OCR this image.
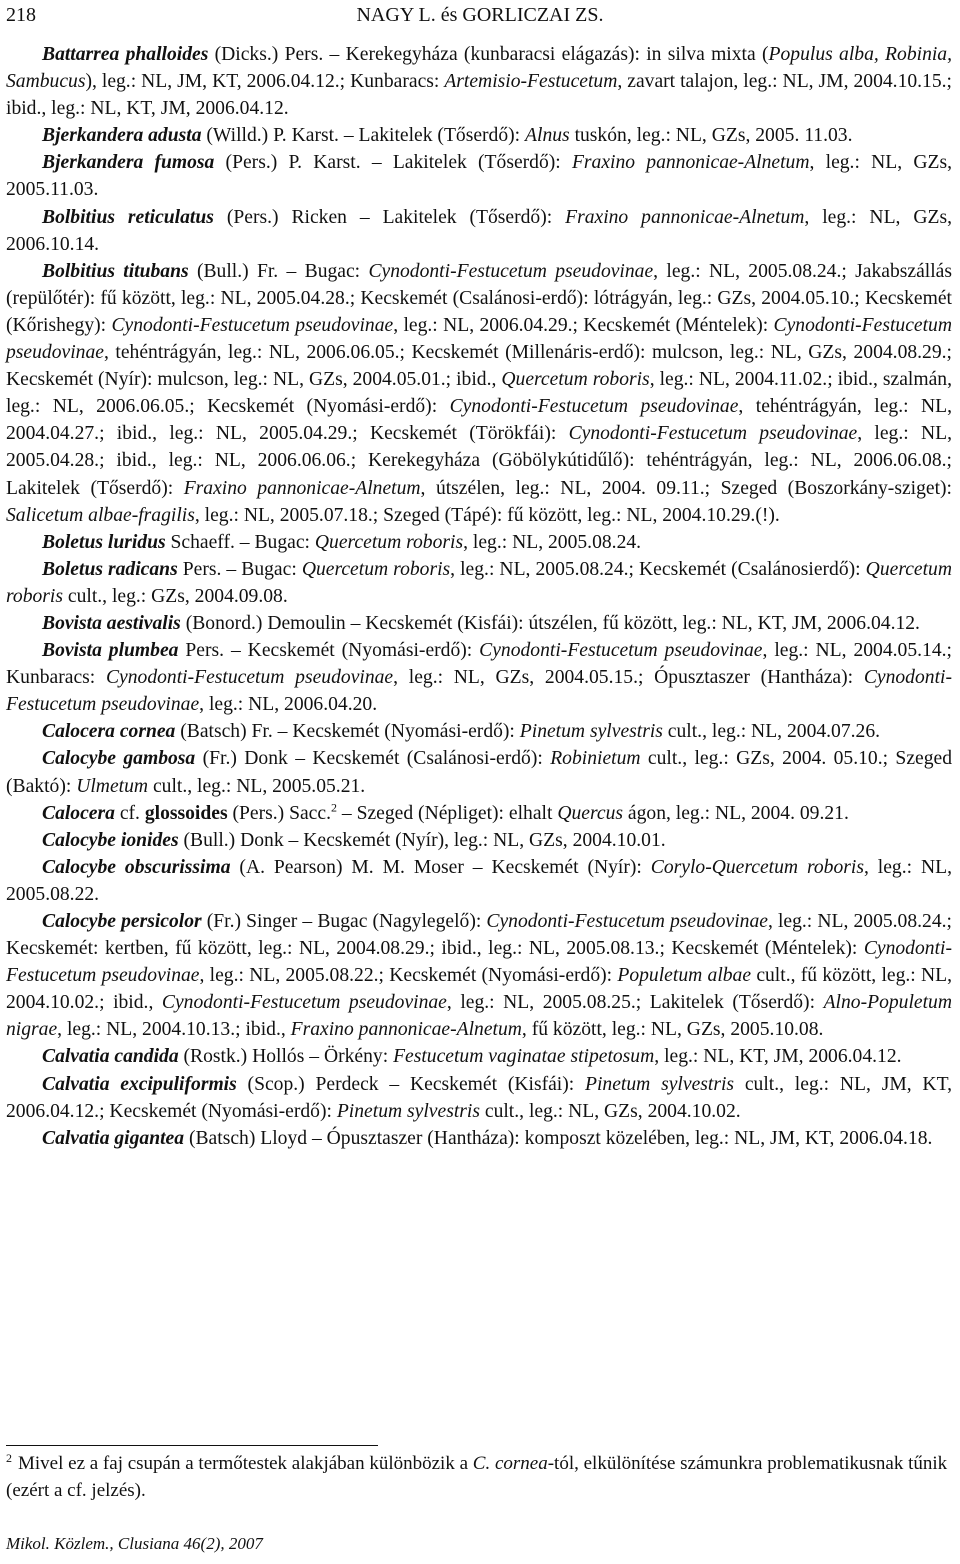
218	NAGY L. és GORLICZAI ZS.

Battarrea phalloides (Dicks.) Pers. – Kerekegyháza (kunbaracsi elágazás): in silva mixta (Populus alba, Robinia, Sambucus), leg.: NL, JM, KT, 2006.04.12.; Kunbaracs: Artemisio-Festucetum, zavart talajon, leg.: NL, JM, 2004.10.15.; ibid., leg.: NL, KT, JM, 2006.04.12.

Bjerkandera adusta (Willd.) P. Karst. – Lakitelek (Tőserdő): Alnus tuskón, leg.: NL, GZs, 2005. 11.03.

Bjerkandera fumosa (Pers.) P. Karst. – Lakitelek (Tőserdő): Fraxino pannonicae-Alnetum, leg.: NL, GZs, 2005.11.03.

Bolbitius reticulatus (Pers.) Ricken – Lakitelek (Tőserdő): Fraxino pannonicae-Alnetum, leg.: NL, GZs, 2006.10.14.

Bolbitius titubans (Bull.) Fr. – Bugac: Cynodonti-Festucetum pseudovinae, leg.: NL, 2005.08.24.; Jakabszállás (repülőtér): fű között, leg.: NL, 2005.04.28.; Kecskemét (Csalánosi-erdő): lótrágyán, leg.: GZs, 2004.05.10.; Kecskemét (Kőrishegy): Cynodonti-Festucetum pseudovinae, leg.: NL, 2006.04.29.; Kecskemét (Méntelek): Cynodonti-Festucetum pseudovinae, tehéntrágyán, leg.: NL, 2006.06.05.; Kecskemét (Millenáris-erdő): mulcson, leg.: NL, GZs, 2004.08.29.; Kecskemét (Nyír): mulcson, leg.: NL, GZs, 2004.05.01.; ibid., Quercetum roboris, leg.: NL, 2004.11.02.; ibid., szalmán, leg.: NL, 2006.06.05.; Kecskemét (Nyomási-erdő): Cynodonti-Festucetum pseudovinae, tehéntrágyán, leg.: NL, 2004.04.27.; ibid., leg.: NL, 2005.04.29.; Kecskemét (Törökfái): Cynodonti-Festucetum pseudovinae, leg.: NL, 2005.04.28.; ibid., leg.: NL, 2006.06.06.; Kerekegyháza (Göbölykútidűlő): tehéntrágyán, leg.: NL, 2006.06.08.; Lakitelek (Tőserdő): Fraxino pannonicae-Alnetum, útszélen, leg.: NL, 2004. 09.11.; Szeged (Boszorkány-sziget): Salicetum albae-fragilis, leg.: NL, 2005.07.18.; Szeged (Tápé): fű között, leg.: NL, 2004.10.29.(!).

Boletus luridus Schaeff. – Bugac: Quercetum roboris, leg.: NL, 2005.08.24.

Boletus radicans Pers. – Bugac: Quercetum roboris, leg.: NL, 2005.08.24.; Kecskemét (Csalánosierdő): Quercetum roboris cult., leg.: GZs, 2004.09.08.

Bovista aestivalis (Bonord.) Demoulin – Kecskemét (Kisfái): útszélen, fű között, leg.: NL, KT, JM, 2006.04.12.

Bovista plumbea Pers. – Kecskemét (Nyomási-erdő): Cynodonti-Festucetum pseudovinae, leg.: NL, 2004.05.14.; Kunbaracs: Cynodonti-Festucetum pseudovinae, leg.: NL, GZs, 2004.05.15.; Ópusztaszer (Hantháza): Cynodonti-Festucetum pseudovinae, leg.: NL, 2006.04.20.

Calocera cornea (Batsch) Fr. – Kecskemét (Nyomási-erdő): Pinetum sylvestris cult., leg.: NL, 2004.07.26.

Calocybe gambosa (Fr.) Donk – Kecskemét (Csalánosi-erdő): Robinietum cult., leg.: GZs, 2004. 05.10.; Szeged (Baktó): Ulmetum cult., leg.: NL, 2005.05.21.

Calocera cf. glossoides (Pers.) Sacc.$^2$ – Szeged (Népliget): elhalt Quercus ágon, leg.: NL, 2004. 09.21.

Calocybe ionides (Bull.) Donk – Kecskemét (Nyír), leg.: NL, GZs, 2004.10.01.

Calocybe obscurissima (A. Pearson) M. M. Moser – Kecskemét (Nyír): Corylo-Quercetum roboris, leg.: NL, 2005.08.22.

Calocybe persicolor (Fr.) Singer – Bugac (Nagylegelő): Cynodonti-Festucetum pseudovinae, leg.: NL, 2005.08.24.; Kecskemét: kertben, fű között, leg.: NL, 2004.08.29.; ibid., leg.: NL, 2005.08.13.; Kecskemét (Méntelek): Cynodonti-Festucetum pseudovinae, leg.: NL, 2005.08.22.; Kecskemét (Nyomási-erdő): Populetum albae cult., fű között, leg.: NL, 2004.10.02.; ibid., Cynodonti-Festucetum pseudovinae, leg.: NL, 2005.08.25.; Lakitelek (Tőserdő): Alno-Populetum nigrae, leg.: NL, 2004.10.13.; ibid., Fraxino pannonicae-Alnetum, fű között, leg.: NL, GZs, 2005.10.08.

Calvatia candida (Rostk.) Hollós – Örkény: Festucetum vaginatae stipetosum, leg.: NL, KT, JM, 2006.04.12.

Calvatia excipuliformis (Scop.) Perdeck – Kecskemét (Kisfái): Pinetum sylvestris cult., leg.: NL, JM, KT, 2006.04.12.; Kecskemét (Nyomási-erdő): Pinetum sylvestris cult., leg.: NL, GZs, 2004.10.02.

Calvatia gigantea (Batsch) Lloyd – Ópusztaszer (Hantháza): komposzt közelében, leg.: NL, JM, KT, 2006.04.18.

$^2$ Mivel ez a faj csupán a termőtestek alakjában különbözik a C. cornea-tól, elkülönítése számunkra problematikusnak tűnik (ezért a cf. jelzés).

Mikol. Közlem., Clusiana 46(2), 2007
